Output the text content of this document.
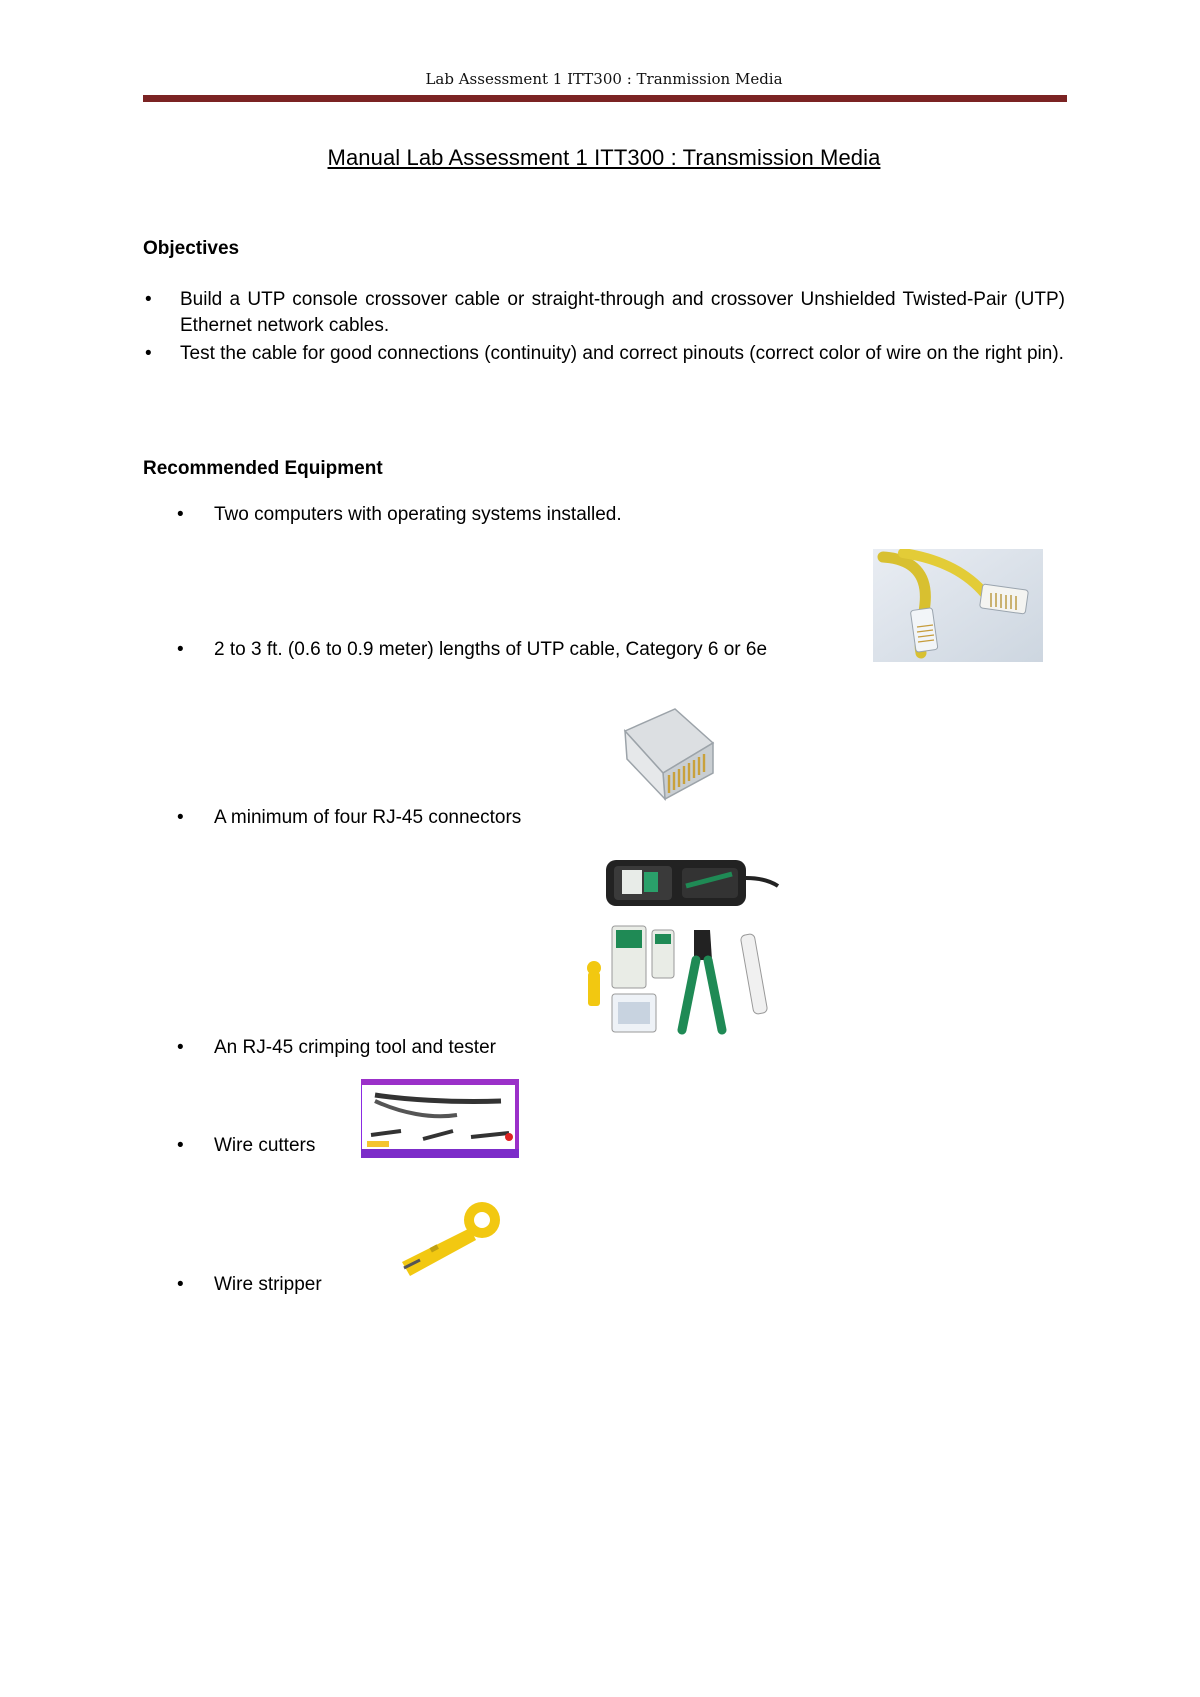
Lab Assessment 1 ITT300 : Tranmission Media
Manual Lab Assessment 1 ITT300 : Transmission Media
Objectives
• Build a UTP console crossover cable or straight-through and crossover Unshielded Twisted-Pair (UTP) Ethernet network cables.
• Test the cable for good connections (continuity) and correct pinouts (correct color of wire on the right pin).
Recommended Equipment
• Two computers with operating systems installed.
• 2 to 3 ft. (0.6 to 0.9 meter) lengths of UTP cable, Category 6 or 6e
• A minimum of four RJ-45 connectors
• An RJ-45 crimping tool and tester
• Wire cutters
• Wire stripper
